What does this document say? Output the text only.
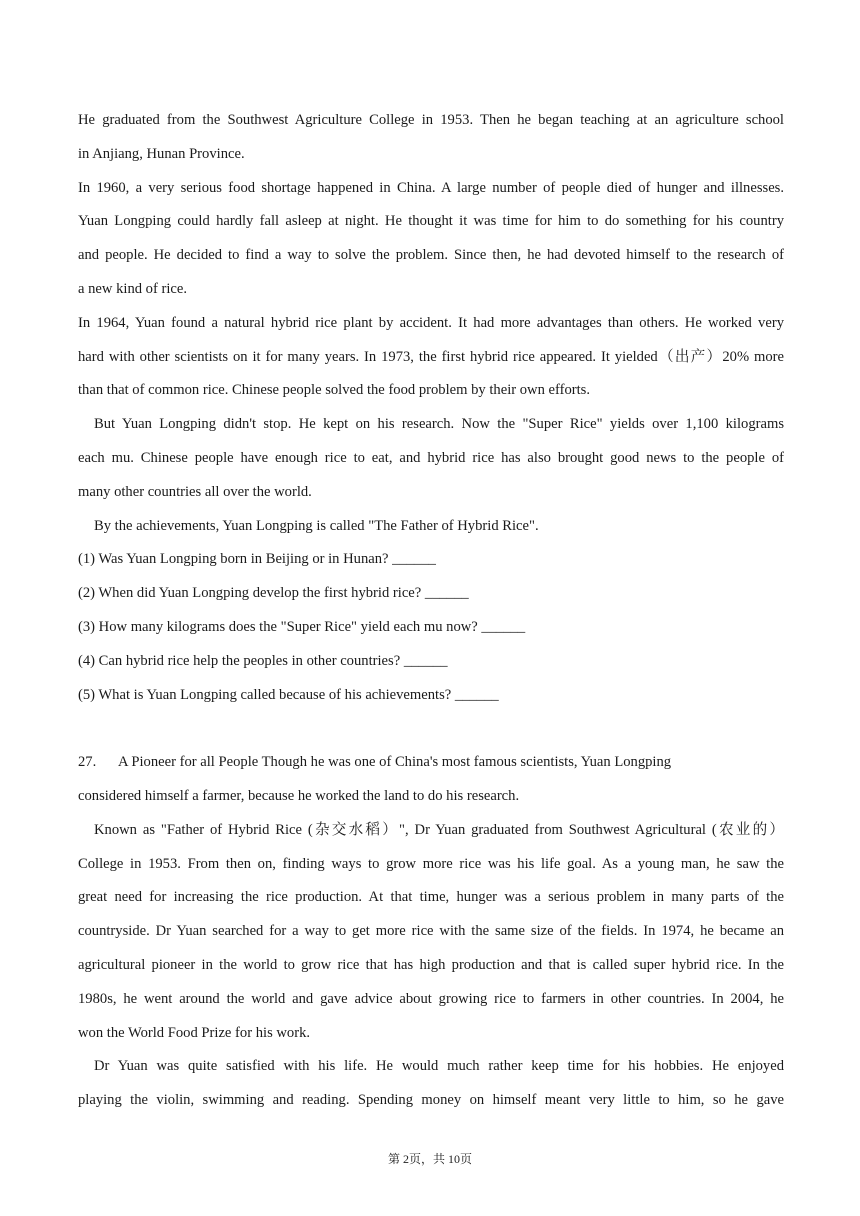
He graduated from the Southwest Agriculture College in 1953. Then he began teaching at an agriculture school

in Anjiang, Hunan Province.

In 1960, a very serious food shortage happened in China. A large number of people died of hunger and illnesses.

Yuan Longping could hardly fall asleep at night. He thought it was time for him to do something for his country

and people. He decided to find a way to solve the problem. Since then, he had devoted himself to the research of

a new kind of rice.

In 1964, Yuan found a natural hybrid rice plant by accident. It had more advantages than others. He worked very

hard with other scientists on it for many years. In 1973, the first hybrid rice appeared. It yielded（出产）20% more

than that of common rice. Chinese people solved the food problem by their own efforts.

But Yuan Longping didn't stop. He kept on his research. Now the "Super Rice" yields over 1,100 kilograms

each mu. Chinese people have enough rice to eat, and hybrid rice has also brought good news to the people of

many other countries all over the world.

By the achievements, Yuan Longping is called "The Father of Hybrid Rice".

(1) Was Yuan Longping born in Beijing or in Hunan? ______

(2) When did Yuan Longping develop the first hybrid rice? ______

(3) How many kilograms does the "Super Rice" yield each mu now? ______

(4) Can hybrid rice help the peoples in other countries? ______

(5) What is Yuan Longping called because of his achievements? ______

27. A Pioneer for all People Though he was one of China's most famous scientists, Yuan Longping

considered himself a farmer, because he worked the land to do his research.

Known as "Father of Hybrid Rice (杂交水稻）", Dr Yuan graduated from Southwest Agricultural (农业的）

College in 1953. From then on, finding ways to grow more rice was his life goal. As a young man, he saw the

great need for increasing the rice production. At that time, hunger was a serious problem in many parts of the

countryside. Dr Yuan searched for a way to get more rice with the same size of the fields. In 1974, he became an

agricultural pioneer in the world to grow rice that has high production and that is called super hybrid rice. In the

1980s, he went around the world and gave advice about growing rice to farmers in other countries. In 2004, he

won the World Food Prize for his work.

Dr Yuan was quite satisfied with his life. He would much rather keep time for his hobbies. He enjoyed

playing the violin, swimming and reading. Spending money on himself meant very little to him, so he gave

第 2页，共 10页
